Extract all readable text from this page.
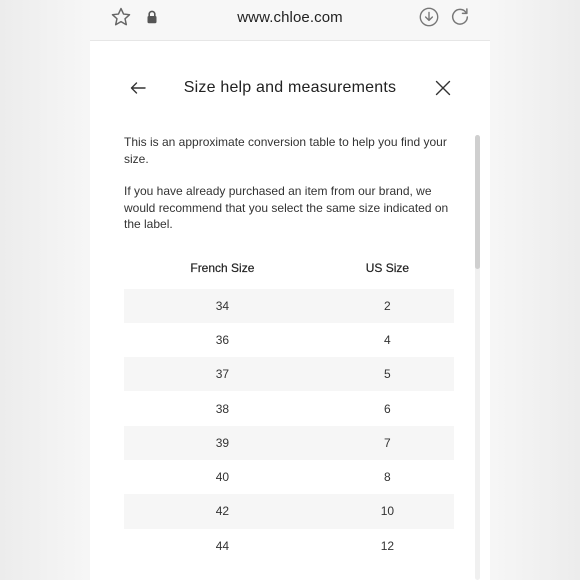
www.chloe.com
Size help and measurements

This is an approximate conversion table to help you find your size.

If you have already purchased an item from our brand, we would recommend that you select the same size indicated on the label.

French Size	US Size
34	2
36	4
37	5
38	6
39	7
40	8
42	10
44	12
